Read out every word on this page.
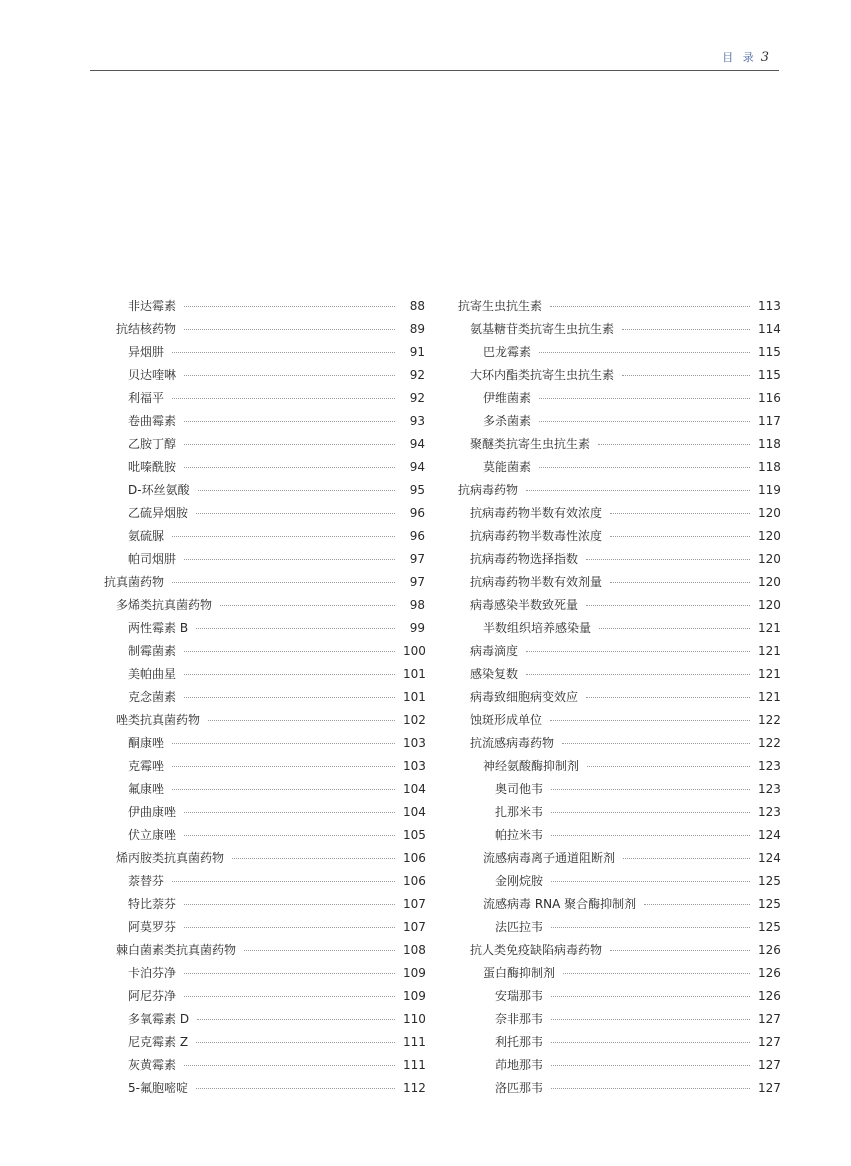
目 录 3
非达霉素	88
抗结核药物	89
异烟肼	91
贝达喹啉	92
利福平	92
卷曲霉素	93
乙胺丁醇	94
吡嗪酰胺	94
D-环丝氨酸	95
乙硫异烟胺	96
氨硫脲	96
帕司烟肼	97
抗真菌药物	97
多烯类抗真菌药物	98
两性霉素 B	99
制霉菌素	100
美帕曲星	101
克念菌素	101
唑类抗真菌药物	102
酮康唑	103
克霉唑	103
氟康唑	104
伊曲康唑	104
伏立康唑	105
烯丙胺类抗真菌药物	106
萘替芬	106
特比萘芬	107
阿莫罗芬	107
棘白菌素类抗真菌药物	108
卡泊芬净	109
阿尼芬净	109
多氧霉素 D	110
尼克霉素 Z	111
灰黄霉素	111
5-氟胞嘧啶	112
抗寄生虫抗生素	113
氨基糖苷类抗寄生虫抗生素	114
巴龙霉素	115
大环内酯类抗寄生虫抗生素	115
伊维菌素	116
多杀菌素	117
聚醚类抗寄生虫抗生素	118
莫能菌素	118
抗病毒药物	119
抗病毒药物半数有效浓度	120
抗病毒药物半数毒性浓度	120
抗病毒药物选择指数	120
抗病毒药物半数有效剂量	120
病毒感染半数致死量	120
半数组织培养感染量	121
病毒滴度	121
感染复数	121
病毒致细胞病变效应	121
蚀斑形成单位	122
抗流感病毒药物	122
神经氨酸酶抑制剂	123
奥司他韦	123
扎那米韦	123
帕拉米韦	124
流感病毒离子通道阻断剂	124
金刚烷胺	125
流感病毒 RNA 聚合酶抑制剂	125
法匹拉韦	125
抗人类免疫缺陷病毒药物	126
蛋白酶抑制剂	126
安瑞那韦	126
奈非那韦	127
利托那韦	127
茚地那韦	127
洛匹那韦	127
